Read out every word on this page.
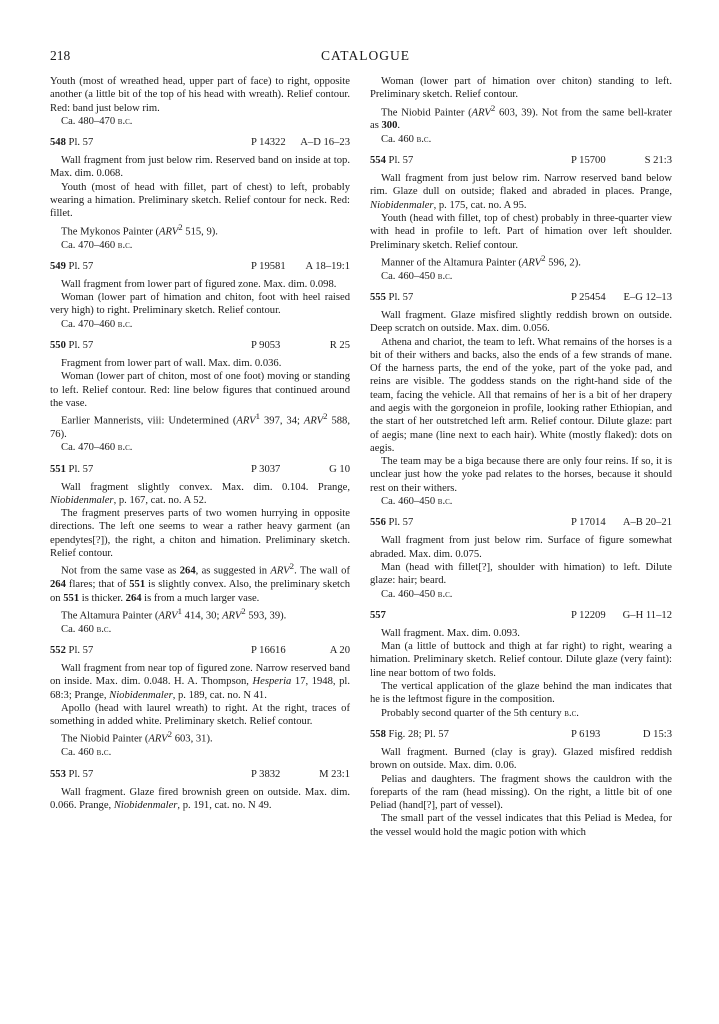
218	CATALOGUE

Youth (most of wreathed head, upper part of face) to right, opposite another (a little bit of the top of his head with wreath). Relief contour. Red: band just below rim.

Ca. 480–470 b.c.

548 Pl. 57	P 14322 A–D 16–23

Wall fragment from just below rim. Reserved band on inside at top. Max. dim. 0.068.

Youth (most of head with fillet, part of chest) to left, probably wearing a himation. Preliminary sketch. Relief contour for neck. Red: fillet.

The Mykonos Painter (ARV$^2$ 515, 9).

Ca. 470–460 b.c.

549 Pl. 57	P 19581 A 18–19:1

Wall fragment from lower part of figured zone. Max. dim. 0.098.

Woman (lower part of himation and chiton, foot with heel raised very high) to right. Preliminary sketch. Relief contour.

Ca. 470–460 b.c.

550 Pl. 57	P 9053	R 25

Fragment from lower part of wall. Max. dim. 0.036.

Woman (lower part of chiton, most of one foot) moving or standing to left. Relief contour. Red: line below figures that continued around the vase.

Earlier Mannerists, viii: Undetermined (ARV$^1$ 397, 34; ARV$^2$ 588, 76).

Ca. 470–460 b.c.

551 Pl. 57	P 3037	G 10

Wall fragment slightly convex. Max. dim. 0.104. Prange, Niobidenmaler, p. 167, cat. no. A 52.

The fragment preserves parts of two women hurrying in opposite directions. The left one seems to wear a rather heavy garment (an ependytes[?]), the right, a chiton and himation. Preliminary sketch. Relief contour.

Not from the same vase as 264, as suggested in ARV$^2$. The wall of 264 flares; that of 551 is slightly convex. Also, the preliminary sketch on 551 is thicker. 264 is from a much larger vase.

The Altamura Painter (ARV$^1$ 414, 30; ARV$^2$ 593, 39).

Ca. 460 b.c.

552 Pl. 57	P 16616	A 20

Wall fragment from near top of figured zone. Narrow reserved band on inside. Max. dim. 0.048. H. A. Thompson, Hesperia 17, 1948, pl. 68:3; Prange, Niobidenmaler, p. 189, cat. no. N 41.

Apollo (head with laurel wreath) to right. At the right, traces of something in added white. Preliminary sketch. Relief contour.

The Niobid Painter (ARV$^2$ 603, 31).

Ca. 460 b.c.

553 Pl. 57	P 3832	M 23:1

Wall fragment. Glaze fired brownish green on outside. Max. dim. 0.066. Prange, Niobidenmaler, p. 191, cat. no. N 49.

Woman (lower part of himation over chiton) standing to left. Preliminary sketch. Relief contour.

The Niobid Painter (ARV$^2$ 603, 39). Not from the same bell-krater as 300.

Ca. 460 b.c.

554 Pl. 57	P 15700	S 21:3

Wall fragment from just below rim. Narrow reserved band below rim. Glaze dull on outside; flaked and abraded in places. Prange, Niobidenmaler, p. 175, cat. no. A 95.

Youth (head with fillet, top of chest) probably in three-quarter view with head in profile to left. Part of himation over left shoulder. Preliminary sketch. Relief contour.

Manner of the Altamura Painter (ARV$^2$ 596, 2).

Ca. 460–450 b.c.

555 Pl. 57	P 25454 E–G 12–13

Wall fragment. Glaze misfired slightly reddish brown on outside. Deep scratch on outside. Max. dim. 0.056.

Athena and chariot, the team to left. What remains of the horses is a bit of their withers and backs, also the ends of a few strands of mane. Of the harness parts, the end of the yoke, part of the yoke pad, and reins are visible. The goddess stands on the right-hand side of the team, facing the vehicle. All that remains of her is a bit of her drapery and aegis with the gorgoneion in profile, looking rather Ethiopian, and the start of her outstretched left arm. Relief contour. Dilute glaze: part of aegis; mane (line next to each hair). White (mostly flaked): dots on aegis.

The team may be a biga because there are only four reins. If so, it is unclear just how the yoke pad relates to the horses, because it should rest on their withers.

Ca. 460–450 b.c.

556 Pl. 57	P 17014 A–B 20–21

Wall fragment from just below rim. Surface of figure somewhat abraded. Max. dim. 0.075.

Man (head with fillet[?], shoulder with himation) to left. Dilute glaze: hair; beard.

Ca. 460–450 b.c.

557	P 12209 G–H 11–12

Wall fragment. Max. dim. 0.093.

Man (a little of buttock and thigh at far right) to right, wearing a himation. Preliminary sketch. Relief contour. Dilute glaze (very faint): line near bottom of two folds.

The vertical application of the glaze behind the man indicates that he is the leftmost figure in the composition.

Probably second quarter of the 5th century b.c.

558 Fig. 28; Pl. 57	P 6193	D 15:3

Wall fragment. Burned (clay is gray). Glazed misfired reddish brown on outside. Max. dim. 0.06.

Pelias and daughters. The fragment shows the cauldron with the foreparts of the ram (head missing). On the right, a little bit of one Peliad (hand[?], part of vessel).

The small part of the vessel indicates that this Peliad is Medea, for the vessel would hold the magic potion with which
